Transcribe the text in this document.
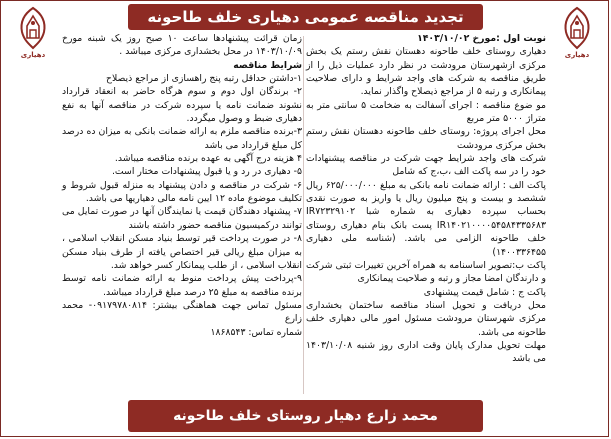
دهیاری	دهیاری
تجدید مناقصه عمومی دهیاری خلف طاحونه

نوبت اول :مورخ ۱۴۰۳/۱۰/۰۲

دهیاری روستای خلف طاحونه دهستان نقش رستم یک بخش مرکزی ازشهرستان مرودشت در نظر دارد عملیات ذیل را از طریق مناقصه به شرکت های واجد شرایط و دارای صلاحیت پیمانکاری و رتبه ۵ از مراجع ذیصلاح واگذار نماید.

مو ضوع مناقصه : اجرای آسفالت به ضخامت ۵ سانتی متر به متراژ ۵۰۰۰ متر مربع

محل اجرای پروژه: روستای خلف طاحونه دهستان نقش رستم بخش مرکزی مرودشت

شرکت های واجد شرایط جهت شرکت در مناقصه پیشنهادات خود را در سه پاکت الف ،ب،ج که شامل

پاکت الف : ارائه ضمانت نامه بانکی به مبلغ ۶۲۵/۰۰۰/۰۰۰ ریال ششصد و بیست و پنج میلیون ریال یا واریز به صورت نقدی بحساب سپرده دهیاری به شماره شبا IR۷۲۳۲۹۱۰۲ IR۱۴۰۲۱۰۰۰۰۵۴۵۸۴۳۳۵۶۸۳ پست بانک بنام دهیاری روستای خلف طاحونه الزامی می باشد. (شناسه ملی دهیاری ۱۴۰۰۳۳۶۴۵۵)

پاکت ب:تصویر اساسنامه به همراه آخرین تغییرات ثبتی شرکت و دارندگان امضا مجاز و رتبه و صلاحیت پیمانکاری

پاکت ج : شامل قیمت پیشنهادی

محل دریافت و تحویل اسناد مناقصه ساختمان بخشداری مرکزی شهرستان مرودشت مسئول امور مالی دهیاری خلف طاحونه می باشد.

مهلت تحویل مدارک پایان وقت اداری روز شنبه ۱۴۰۳/۱۰/۰۸ می باشد

زمان قرائت پیشنهادها ساعت ۱۰ صبح روز یک شبنه مورخ ۱۴۰۳/۱۰/۰۹ در محل بخشداری مرکزی میباشد .

شرایط مناقصه

۱-داشتن حداقل رتبه پنج راهسازی از مراجع ذیصلاح

۲- برندگان اول دوم و سوم هرگاه حاضر به انعقاد قرارداد نشوند ضمانت نامه یا سپرده شرکت در مناقصه آنها به نفع دهیاری ضبط و وصول میگردد.

۳-برنده مناقصه ملزم به ارائه ضمانت بانکی به میزان ده درصد کل مبلغ قرارداد می باشد

۴ هزینه درج آگهی به عهده برنده مناقصه میباشد.

۵- دهیاری در رد و یا قبول پیشنهادات مختار است.

۶- شرکت در مناقصه و دادن پیشنهاد به منزله قبول شروط و تکلیف موضوع ماده ۱۲ ایین نامه مالی دهیاریها می باشد.

۷- پیشنهاد دهندگان قیمت یا نمایندگان آنها در صورت تمایل می توانند درکمیسیون مناقصه حضور داشته باشند

۸- در صورت پرداخت قیر توسط بنیاد مسکن انقلاب اسلامی ، به میزان مبلغ ریالی قیر اختصاص یافته از طرف بنیاد مسکن انقلاب اسلامی ، از طلب پیمانکار کسر خواهد شد.

۹-پرداخت پیش پرداخت منوط به ارائه ضمانت نامه توسط برنده مناقصه به مبلغ ۲۵ درصد مبلغ قرارداد میباشد.

مسئول تماس جهت هماهنگی بیشتر: ۰۹۱۷۹۷۸۰۸۱۴- محمد زارع

شماره تماس: ۱۸۶۸۵۴۳

محمد زارع دهیار روستای خلف طاحونه
